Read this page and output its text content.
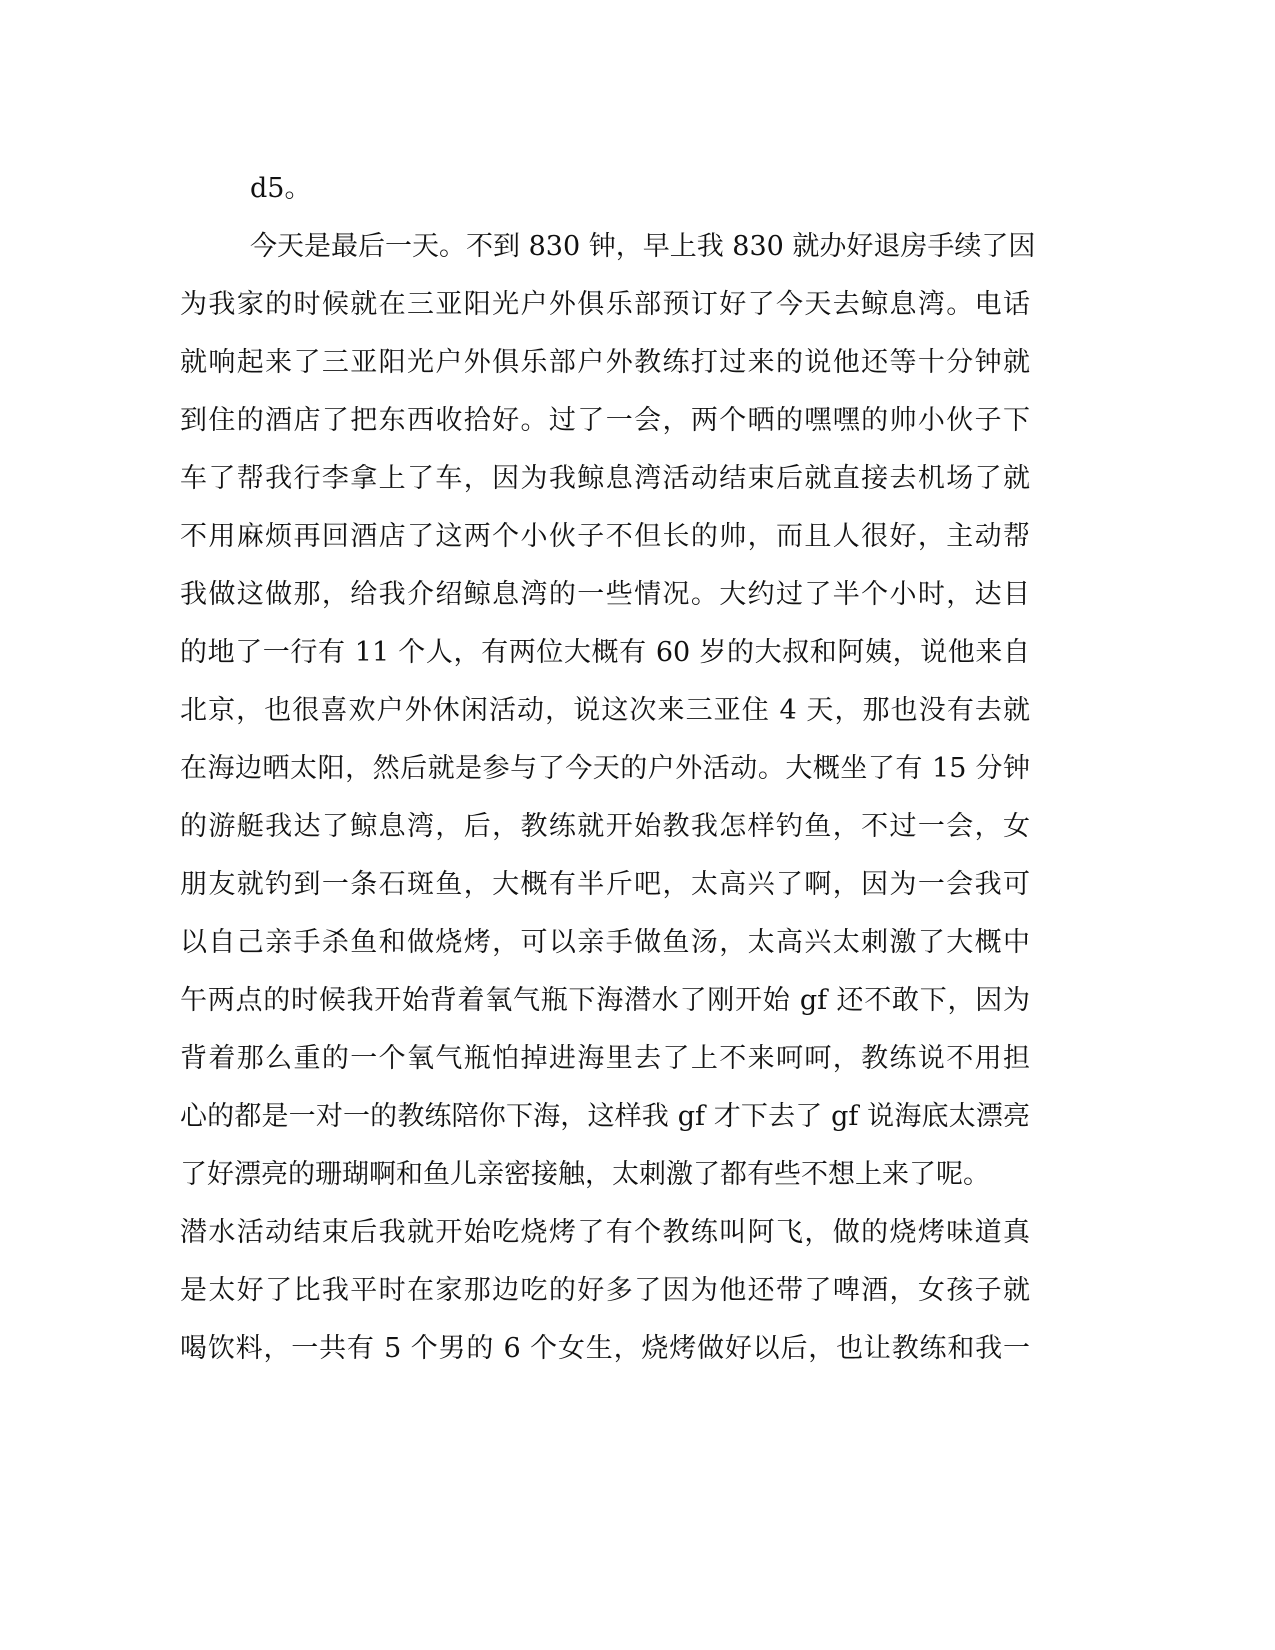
d5。
今天是最后一天。不到 830 钟，早上我 830 就办好退房手续了因
为我家的时候就在三亚阳光户外俱乐部预订好了今天去鲸息湾。电话
就响起来了三亚阳光户外俱乐部户外教练打过来的说他还等十分钟就
到住的酒店了把东西收拾好。过了一会，两个晒的嘿嘿的帅小伙子下
车了帮我行李拿上了车，因为我鲸息湾活动结束后就直接去机场了就
不用麻烦再回酒店了这两个小伙子不但长的帅，而且人很好，主动帮
我做这做那，给我介绍鲸息湾的一些情况。大约过了半个小时，达目
的地了一行有 11 个人，有两位大概有 60 岁的大叔和阿姨，说他来自
北京，也很喜欢户外休闲活动，说这次来三亚住 4 天，那也没有去就
在海边晒太阳，然后就是参与了今天的户外活动。大概坐了有 15 分钟
的游艇我达了鲸息湾，后，教练就开始教我怎样钓鱼，不过一会，女
朋友就钓到一条石斑鱼，大概有半斤吧，太高兴了啊，因为一会我可
以自己亲手杀鱼和做烧烤，可以亲手做鱼汤，太高兴太刺激了大概中
午两点的时候我开始背着氧气瓶下海潜水了刚开始 gf 还不敢下，因为
背着那么重的一个氧气瓶怕掉进海里去了上不来呵呵，教练说不用担
心的都是一对一的教练陪你下海，这样我 gf 才下去了 gf 说海底太漂亮
了好漂亮的珊瑚啊和鱼儿亲密接触，太刺激了都有些不想上来了呢。
潜水活动结束后我就开始吃烧烤了有个教练叫阿飞，做的烧烤味道真
是太好了比我平时在家那边吃的好多了因为他还带了啤酒，女孩子就
喝饮料，一共有 5 个男的 6 个女生，烧烤做好以后，也让教练和我一
